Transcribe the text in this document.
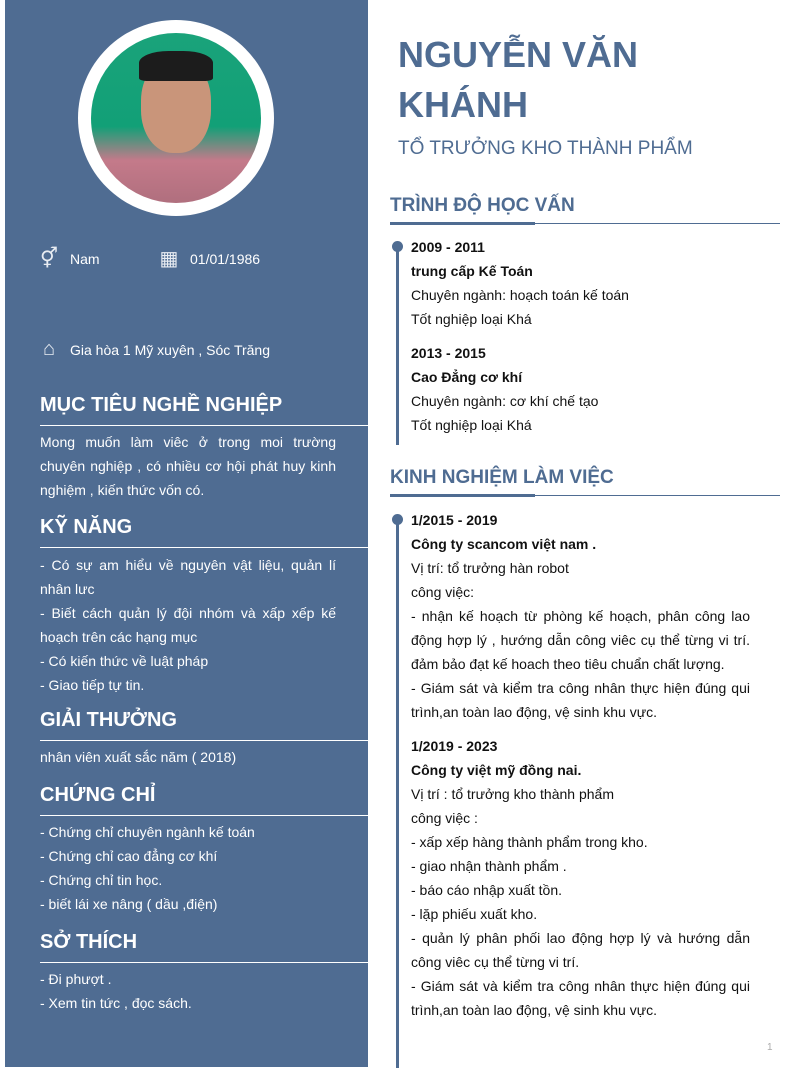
⚥ Nam	▦ 01/01/1986
⌂	Gia hòa 1 Mỹ xuyên , Sóc Trăng
MỤC TIÊU NGHỀ NGHIỆP
Mong muốn làm viêc ở trong moi trường chuyên nghiệp , có nhiều cơ hội phát huy kinh nghiệm , kiến thức vốn có.
KỸ NĂNG
- Có sự am hiểu về nguyên vật liệu, quản lí nhân lưc
- Biết cách quản lý đội nhóm và xấp xếp kế hoạch trên các hạng mục
- Có kiến thức về luật pháp
- Giao tiếp tự tin.
GIẢI THƯỞNG
nhân viên xuất sắc năm ( 2018)
CHỨNG CHỈ
- Chứng chỉ chuyên ngành kế toán
- Chứng chỉ cao đẳng cơ khí
- Chứng chỉ tin học.
- biết lái xe nâng ( dầu ,điện)
SỞ THÍCH
- Đi phượt .
- Xem tin tức , đọc sách.
NGUYỄN VĂN KHÁNH
TỔ TRƯỞNG KHO THÀNH PHẨM
TRÌNH ĐỘ HỌC VẤN
2009 - 2011
trung cấp Kế Toán
Chuyên ngành: hoạch toán kế toán
Tốt nghiệp loại Khá
2013 - 2015
Cao Đẳng cơ khí
Chuyên ngành: cơ khí chế tạo
Tốt nghiệp loại Khá
KINH NGHIỆM LÀM VIỆC
1/2015 - 2019
Công ty scancom việt nam .
Vị trí: tổ trưởng hàn robot
công việc:
- nhận kế hoạch từ phòng kế hoạch, phân công lao động hợp lý , hướng dẫn công viêc cụ thể từng vi trí. đảm bảo đạt kế hoach theo tiêu chuẩn chất lượng.
- Giám sát và kiểm tra công nhân thực hiện đúng qui trình,an toàn lao động, vệ sinh khu vực.
1/2019 - 2023
Công ty việt mỹ đồng nai.
Vị trí : tổ trưởng kho thành phẩm
công việc :
- xấp xếp hàng thành phẩm trong kho.
- giao nhận thành phẩm .
- báo cáo nhập xuất tồn.
- lặp phiếu xuất kho.
- quản lý phân phối lao động hợp lý và hướng dẫn công viêc cụ thể từng vi trí.
- Giám sát và kiểm tra công nhân thực hiện đúng qui trình,an toàn lao động, vệ sinh khu vực.
1
